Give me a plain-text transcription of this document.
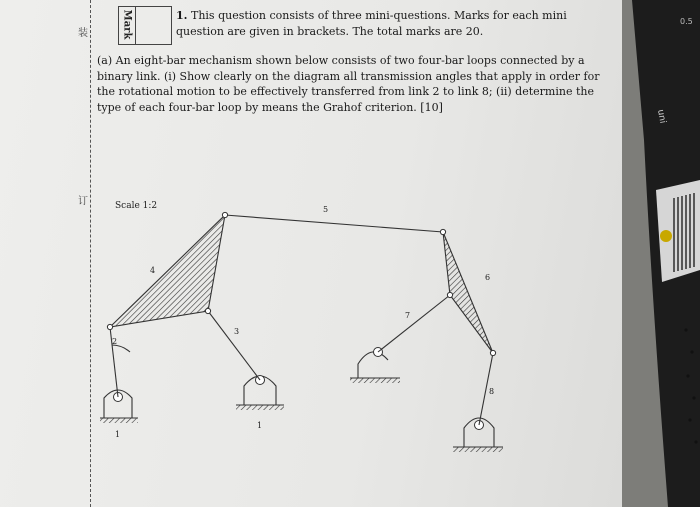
装
订
Mark	1. This question consists of three mini-questions. Marks for each mini question are given in brackets. The total marks are 20.
(a) An eight-bar mechanism shown below consists of two four-bar loops connected by a binary link. (i) Show clearly on the diagram all transmission angles that apply in order for the rotational motion to be effectively transferred from link 2 to link 8; (ii) determine the type of each four-bar loop by means the Grahof criterion. [10]
Scale 1:2
2
3
4
5
6
7
8
1
1
uni
0.5
